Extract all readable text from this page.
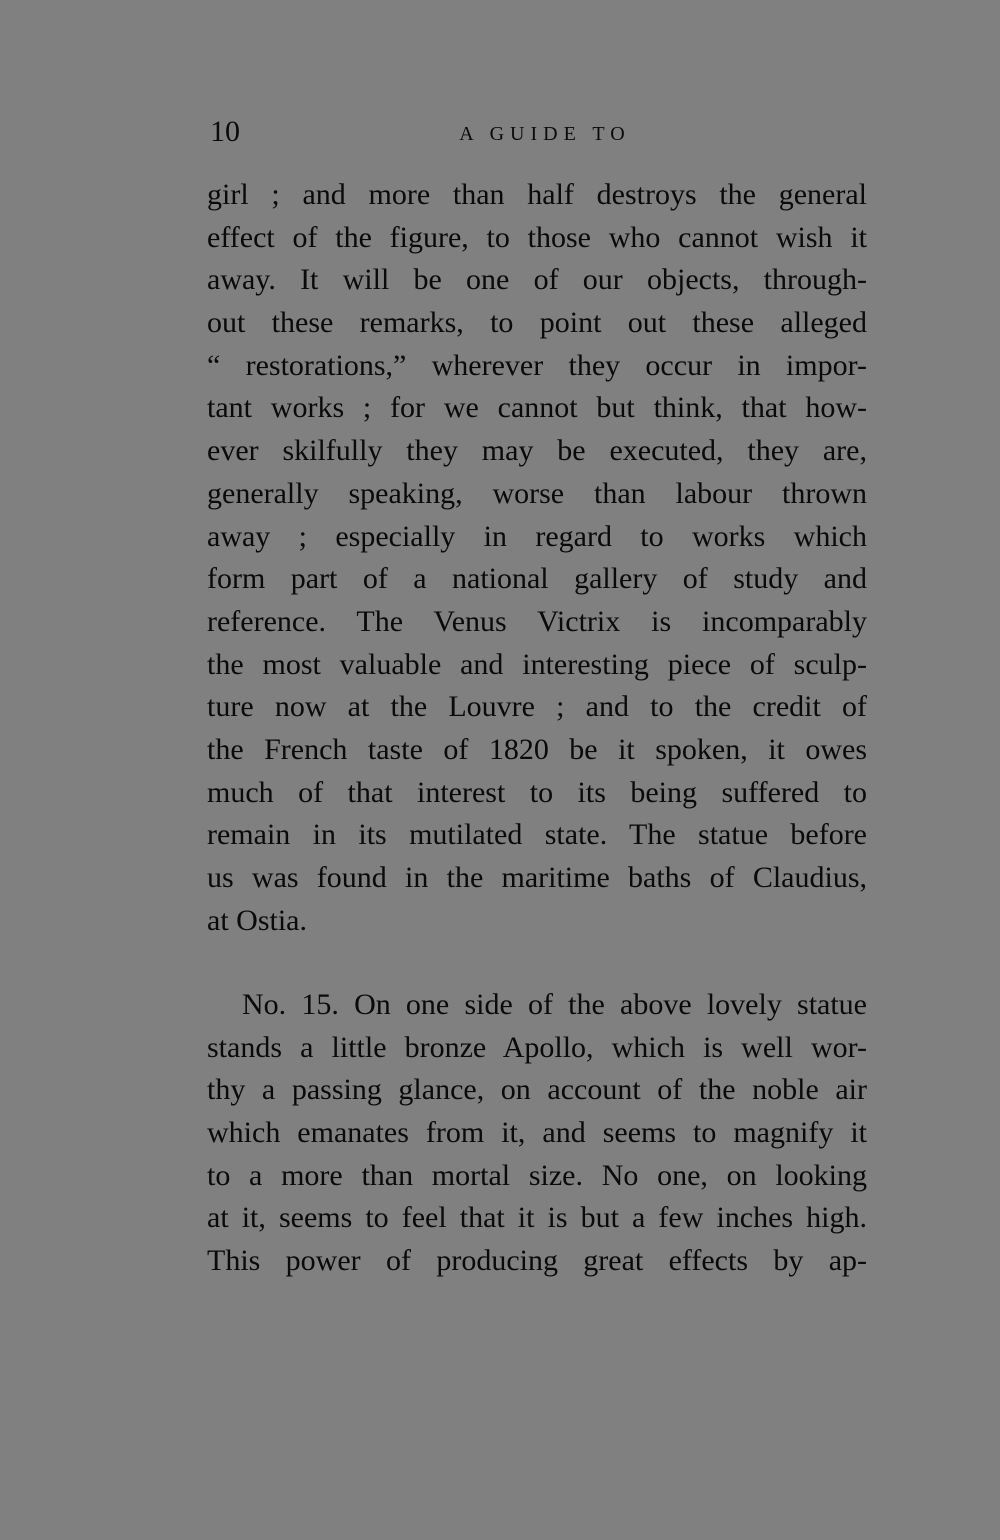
10	A GUIDE TO
girl ; and more than half destroys the general
effect of the figure, to those who cannot wish it
away. It will be one of our objects, through-
out these remarks, to point out these alleged
“ restorations,” wherever they occur in impor-
tant works ; for we cannot but think, that how-
ever skilfully they may be executed, they are,
generally speaking, worse than labour thrown
away ; especially in regard to works which
form part of a national gallery of study and
reference. The Venus Victrix is incomparably
the most valuable and interesting piece of sculp-
ture now at the Louvre ; and to the credit of
the French taste of 1820 be it spoken, it owes
much of that interest to its being suffered to
remain in its mutilated state. The statue before
us was found in the maritime baths of Claudius,
at Ostia.
No. 15. On one side of the above lovely statue
stands a little bronze Apollo, which is well wor-
thy a passing glance, on account of the noble air
which emanates from it, and seems to magnify it
to a more than mortal size. No one, on looking
at it, seems to feel that it is but a few inches high.
This power of producing great effects by ap-
